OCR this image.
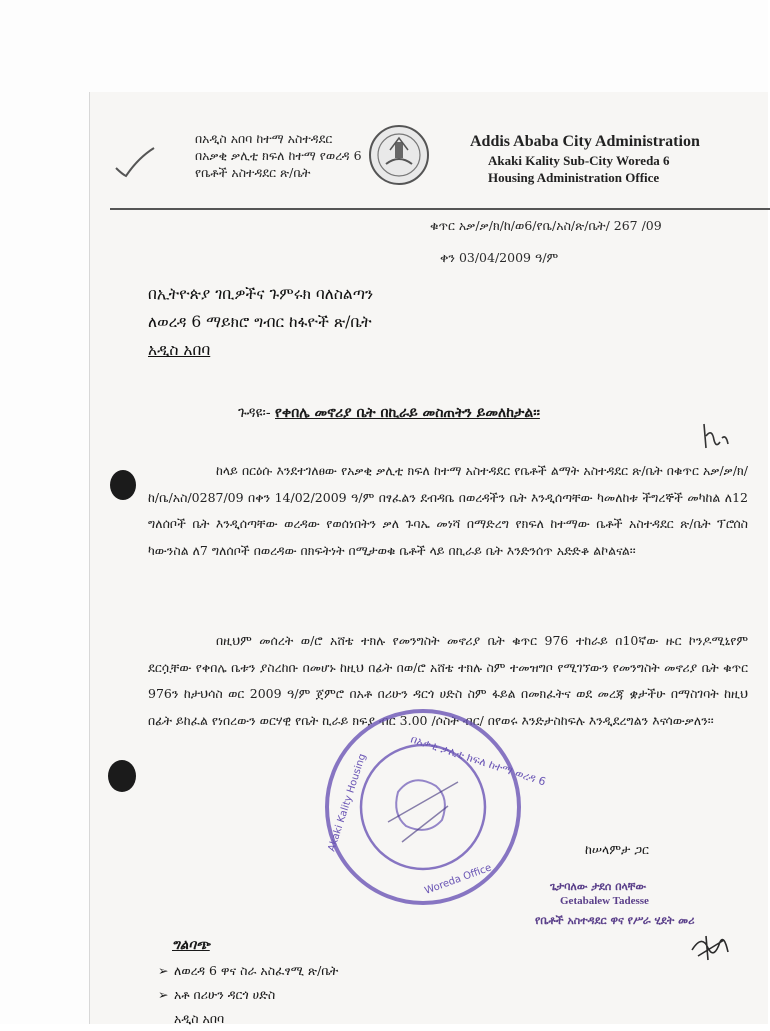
በአዲስ አበባ ከተማ አስተዳደር
በአቃቂ ቃሊቲ ክፍለ ከተማ የወረዳ 6
የቤቶች አስተዳደር ጽ/ቤት
Addis Ababa City Administration
Akaki Kality Sub-City Woreda 6
Housing Administration Office
ቁጥር አቃ/ቃ/ክ/ከ/ወ6/የቤ/አስ/ጽ/ቤት/ 267 /09
ቀን 03/04/2009 ዓ/ም
በኢትዮጵያ ገቢዎችና ጉምሩክ ባለስልጣን
ለወረዳ 6 ማይክሮ ግብር ከፋዮች ጽ/ቤት
አዲስ አበባ
ጉዳዩ፡- የቀበሌ መኖሪያ ቤት በኪራይ መስጠትን ይመለከታል፡፡
ከላይ በርዕሱ እንደተገለፀው የአቃቂ ቃሊቲ ክፍለ ከተማ አስተዳደር የቤቶች ልማት አስተዳደር ጽ/ቤት በቁጥር አቃ/ቃ/ክ/ከ/ቤ/አስ/0287/09 በቀን 14/02/2009 ዓ/ም በፃፈልን ደብዳቤ በወረዳችን ቤት እንዲሰጣቸው ካመለከቱ ችግረኞች መካከል ለ12 ግለሰቦች ቤት እንዲሰጣቸው ወረዳው የወሰነበትን ቃለ ጉባኤ መነሻ በማድረግ የክፍለ ከተማው ቤቶች አስተዳደር ጽ/ቤት ፕሮሰስ ካውንስል ለ7 ግለሰቦች በወረዳው በክፍትነት በሚታወቁ ቤቶች ላይ በኪራይ ቤት እንድንሰጥ አድድቆ ልኮልናል፡፡
በዚህም መሰረት ወ/ሮ አሸቴ ተክሉ የመንግስት መኖሪያ ቤት ቁጥር 976 ተከራይ በ10ኛው ዙር ኮንዶሚኒየም ደርሷቸው የቀበሌ ቤቱን ያስረከቡ በመሆኑ ከዚህ በፊት በወ/ሮ አሸቴ ተክሉ ስም ተመዝግቦ የሚገኘውን የመንግስት መኖሪያ ቤት ቁጥር 976ን ከታህሳስ ወር 2009 ዓ/ም ጀምሮ በአቶ በሪሁን ዳርጎ ሀድስ ስም ፋይል በመክፈትና ወደ መረጃ ቋታችሁ በማስገባት ከዚህ በፊት ይከፈል የነበረውን ወርሃዊ የቤት ኪራይ ክፍያ ብር 3.00 /ሶስት ብር/ በየወሩ እንድታስከፍሉ እንዲደረግልን እናሳውቃለን፡፡
በአቃቂ ቃሊቲ ክፍለ ከተማ ወረዳ 6
Akaki Kality Housing
Woreda Office
ከሠላምታ ጋር
ጌታባለው ታደሰ በላቸው
Getabalew Tadesse
የቤቶች አስተዳደር ዋና የሥራ ሂደት መሪ
ግልባጭ
➢ ለወረዳ 6 ዋና ስራ አስፈፃሚ ጽ/ቤት
➢ አቶ በሪሁን ዳርጎ ሀድስ
አዲስ አበባ
